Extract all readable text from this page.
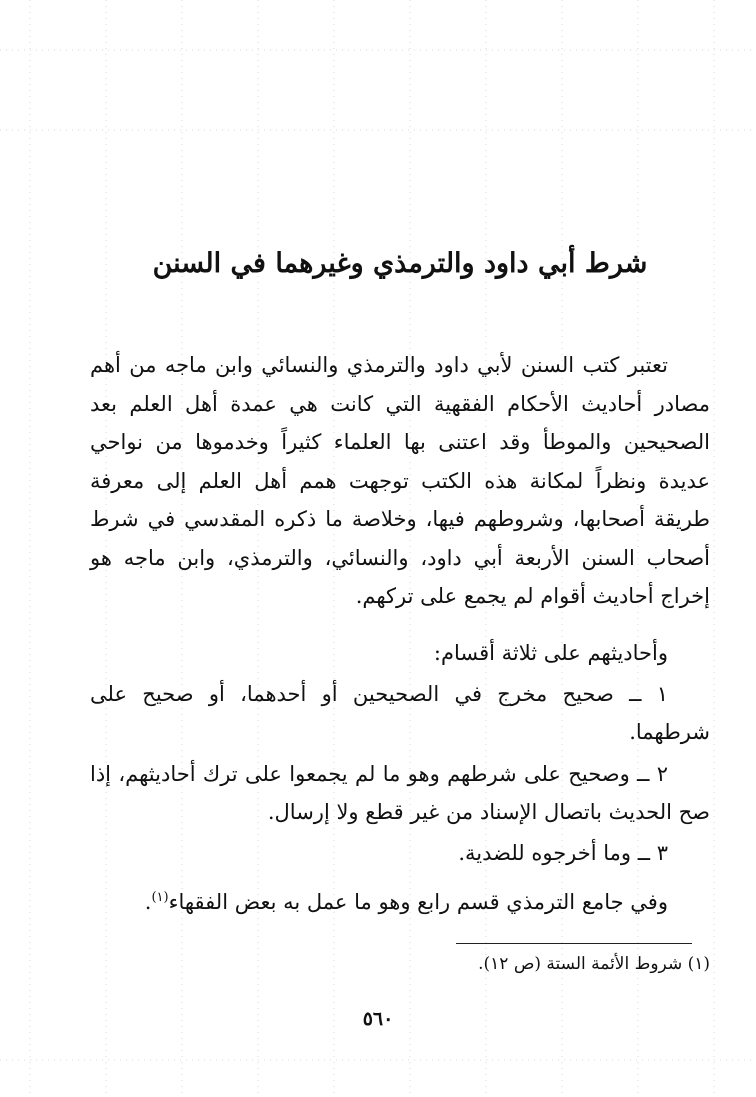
شرط أبي داود والترمذي وغيرهما في السنن

تعتبر كتب السنن لأبي داود والترمذي والنسائي وابن ماجه من أهم مصادر أحاديث الأحكام الفقهية التي كانت هي عمدة أهل العلم بعد الصحيحين والموطأ وقد اعتنى بها العلماء كثيراً وخدموها من نواحي عديدة ونظراً لمكانة هذه الكتب توجهت همم أهل العلم إلى معرفة طريقة أصحابها، وشروطهم فيها، وخلاصة ما ذكره المقدسي في شرط أصحاب السنن الأربعة أبي داود، والنسائي، والترمذي، وابن ماجه هو إخراج أحاديث أقوام لم يجمع على تركهم.

وأحاديثهم على ثلاثة أقسام:

١ ــ صحيح مخرج في الصحيحين أو أحدهما، أو صحيح على شرطهما.

٢ ــ وصحيح على شرطهم وهو ما لم يجمعوا على ترك أحاديثهم، إذا صح الحديث باتصال الإسناد من غير قطع ولا إرسال.

٣ ــ وما أخرجوه للضدية.

وفي جامع الترمذي قسم رابع وهو ما عمل به بعض الفقهاء$^{(١)}$.

(١) شروط الأئمة الستة (ص ١٢).

٥٦٠
